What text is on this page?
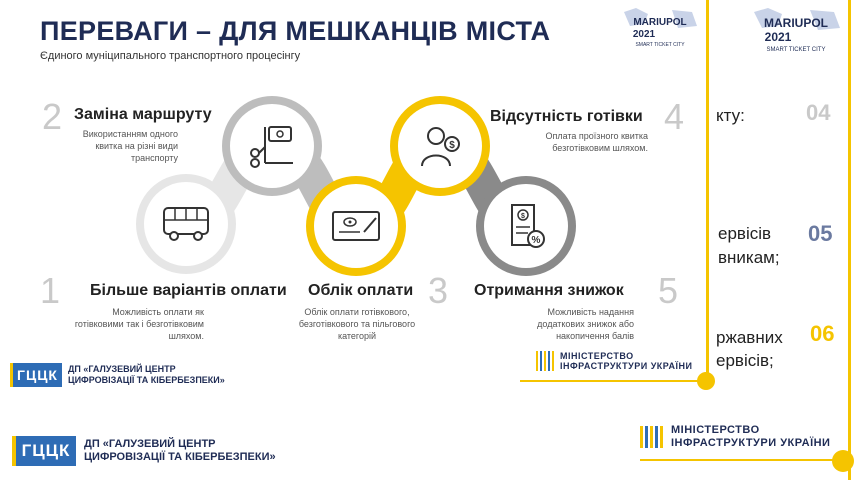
MARIUPOL
2021
SMART TICKET CITY
кту:
ервісів
вникам;
ржавних
ервісів;
04
05
06
ГЦЦК	ДП «ГАЛУЗЕВИЙ ЦЕНТР
ЦИФРОВІЗАЦІЇ ТА КІБЕРБЕЗПЕКИ»
МІНІСТЕРСТВО
ІНФРАСТРУКТУРИ УКРАЇНИ
ПЕРЕВАГИ – ДЛЯ МЕШКАНЦІВ МІСТА
Єдиного муніципального транспортного процесінгу
MARIUPOL
2021
SMART TICKET CITY
$
$
%
2 Заміна маршруту
Використанням одного
квитка на різні види
транспорту
Відсутність готівки
Оплата проїзного квитка
безготівковим шляхом.
4
1 Більше варіантів оплати
Можливість оплати як
готівковими так і безготівковим
шляхом.
Облік оплати
Облік оплати готівкового,
безготівкового та пільгового
категорій
3 Отримання знижок
Можливість надання
додаткових знижок або
накопичення балів
5
ГЦЦК	ДП «ГАЛУЗЕВИЙ ЦЕНТР
ЦИФРОВІЗАЦІЇ ТА КІБЕРБЕЗПЕКИ»
МІНІСТЕРСТВО
ІНФРАСТРУКТУРИ УКРАЇНИ
